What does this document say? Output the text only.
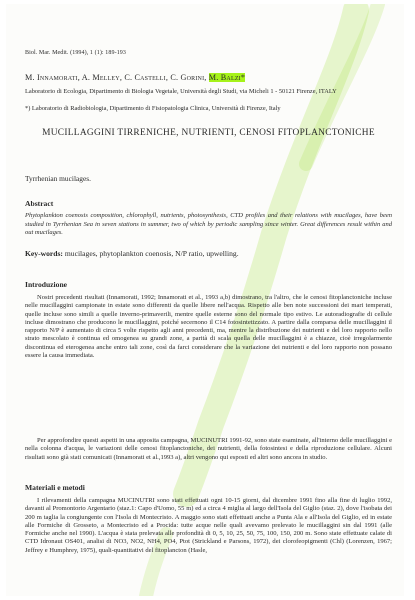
Biol. Mar. Medit. (1994), 1 (1): 189-193
M. Innamorati, A. Melley, C. Castelli, C. Gorini, M. Balzi*
Laboratorio di Ecologia, Dipartimento di Biologia Vegetale, Università degli Studi, via Micheli 1 - 50121 Firenze, ITALY
*) Laboratorio di Radiobiologia, Dipartimento di Fisiopatologia Clinica, Università di Firenze, Italy
MUCILLAGGINI TIRRENICHE, NUTRIENTI, CENOSI FITOPLANCTONICHE
Tyrrhenian mucilages.
Abstract
Phytoplankton coenosis composition, chlorophyll, nutrients, photosynthesis, CTD profiles and their relations with mucilages, have been studied in Tyrrhenian Sea in seven stations in summer, two of which by periodic sampling since winter. Great differences result within and out mucilages.
Key-words: mucilages, phytoplankton coenosis, N/P ratio, upwelling.
Introduzione
Nostri precedenti risultati (Innamorati, 1992; Innamorati et al., 1993 a,b) dimostrano, tra l'altro, che le cenosi fitoplanctoniche incluse nelle mucillaggini campionate in estate sono differenti da quelle libere nell'acqua. Rispetto alle ben note successioni dei mari temperati, quelle incluse sono simili a quelle inverno-primaverili, mentre quelle esterne sono del normale tipo estivo. Le autoradiografie di cellule incluse dimostrano che producono le mucillaggini, poiché secernono il C14 fotosintetizzato. A partire dalla comparsa delle mucillaggini il rapporto N/P è aumentato di circa 5 volte rispetto agli anni precedenti, ma, mentre la distribuzione dei nutrienti e del loro rapporto nello strato mescolato è continua ed omogenea su grandi zone, a parità di scala quella delle mucillaggini è a chiazze, cioè irregolarmente discontinua ed eterogenea anche entro tali zone, così da farci considerare che la variazione dei nutrienti e del loro rapporto non possano essere la causa immediata.
Per approfondire questi aspetti in una apposita campagna, MUCINUTRI 1991-92, sono state esaminate, all'interno delle mucillaggini e nella colonna d'acqua, le variazioni delle cenosi fitoplanctoniche, dei nutrienti, della fotosintesi e della riproduzione cellulare. Alcuni risultati sono già stati comunicati (Innamorati et al.,1993 a), altri vengono qui esposti ed altri sono ancora in studio.
Materiali e metodi
I rilevamenti della campagna MUCINUTRI sono stati effettuati ogni 10-15 giorni, dal dicembre 1991 fino alla fine di luglio 1992, davanti al Promontorio Argentario (staz.1: Capo d'Uomo, 55 m) ed a circa 4 miglia al largo dell'Isola del Giglio (staz. 2), dove l'isobata dei 200 m taglia la congiungente con l'Isola di Montecristo. A maggio sono stati effettuati anche a Punta Ala e all'Isola del Giglio, ed in estate alle Formiche di Grosseto, a Montecristo ed a Procida: tutte acque nelle quali avevamo prelevato le mucillaggini sin dal 1991 (alle Formiche anche nel 1990). L'acqua è stata prelevata alle profondità di 0, 5, 10, 25, 50, 75, 100, 150, 200 m. Sono state effettuate calate di CTD Idronaut OS401, analisi di NO3, NO2, NH4, PO4, Ptot (Strickland e Parsons, 1972), dei clorofeopigmenti (Chl) (Lorenzen, 1967; Jeffrey e Humphrey, 1975), quali-quantitativi del fitoplancton (Hasle,
